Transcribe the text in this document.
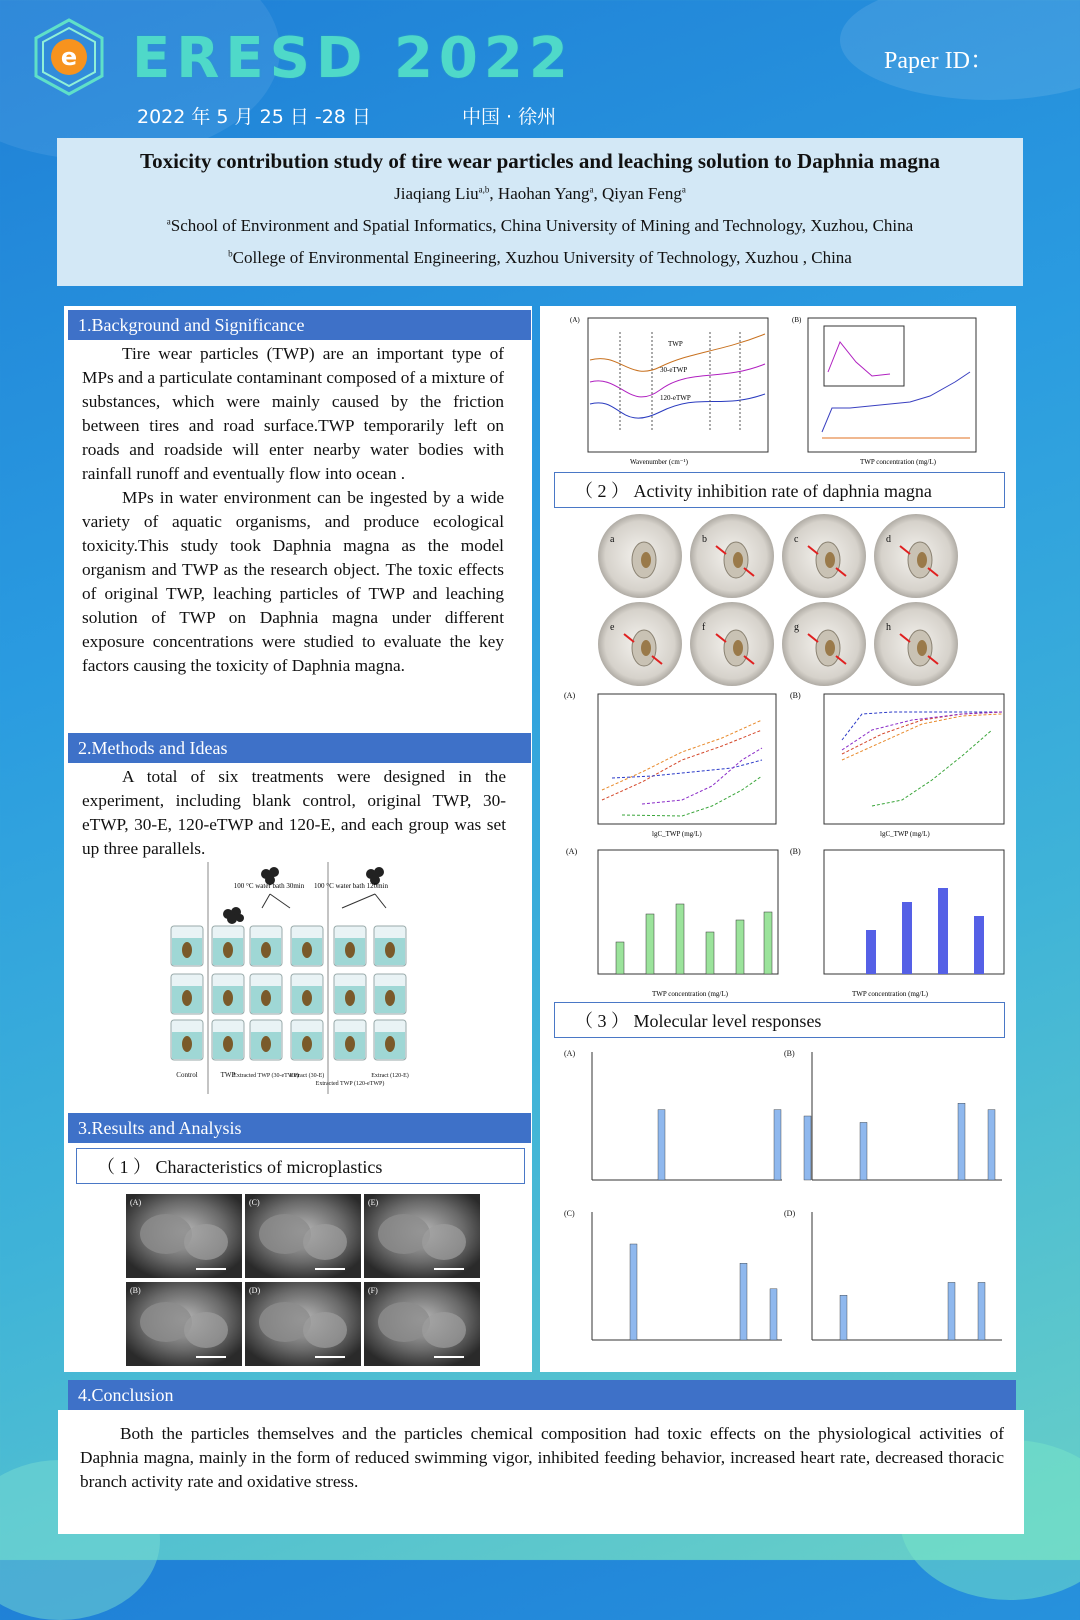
e ERESD 2022	Paper ID：
2022 年 5 月 25 日 -28 日	中国 · 徐州
Toxicity contribution study of tire wear particles and leaching solution to Daphnia magna
Jiaqiang Liu$^{a,b}$, Haohan Yang$^a$, Qiyan Feng$^a$
$^a$School of Environment and Spatial Informatics, China University of Mining and Technology, Xuzhou, China
$^b$College of Environmental Engineering, Xuzhou University of Technology, Xuzhou , China
1.Background and Significance

Tire wear particles (TWP) are an important type of MPs and a particulate contaminant composed of a mixture of substances, which were mainly caused by the friction between tires and road surface.TWP temporarily left on roads and roadside will enter nearby water bodies with rainfall runoff and eventually flow into ocean .

MPs in water environment can be ingested by a wide variety of aquatic organisms, and produce ecological toxicity.This study took Daphnia magna as the model organism and TWP as the research object. The toxic effects of original TWP, leaching particles of TWP and leaching solution of TWP on Daphnia magna under different exposure concentrations were studied to evaluate the key factors causing the toxicity of Daphnia magna.

2.Methods and Ideas

A total of six treatments were designed in the experiment, including blank control, original TWP, 30-eTWP, 30-E, 120-eTWP and 120-E, and each group was set up three parallels.

100 °C water bath 30min 100 °C water bath 120min
Control	TWP
Extracted TWP (30-eTWP)
Extract (30-E)
Extracted TWP (120-eTWP)
Extract (120-E)
3.Results and Analysis
（ 1 ） Characteristics of microplastics
(A)	(C)	(E)
(B)	(D)	(F)
(A)
TWP
30-eTWP
120-eTWP
Wavenumber (cm⁻¹)
(B)
TWP concentration (mg/L)
（ 2 ） Activity inhibition rate of daphnia magna
a	b	c	d
e	f	g	h
(A)
lgC_TWP (mg/L)
(B)
lgC_TWP (mg/L)
(A)
TWP concentration (mg/L)
(B)
TWP concentration (mg/L)
（ 3 ） Molecular level responses
(A)	(B)
(C)	(D)
4.Conclusion

Both the particles themselves and the particles chemical composition had toxic effects on the physiological activities of Daphnia magna, mainly in the form of reduced swimming vigor, inhibited feeding behavior, increased heart rate, decreased thoracic branch activity rate and oxidative stress.
